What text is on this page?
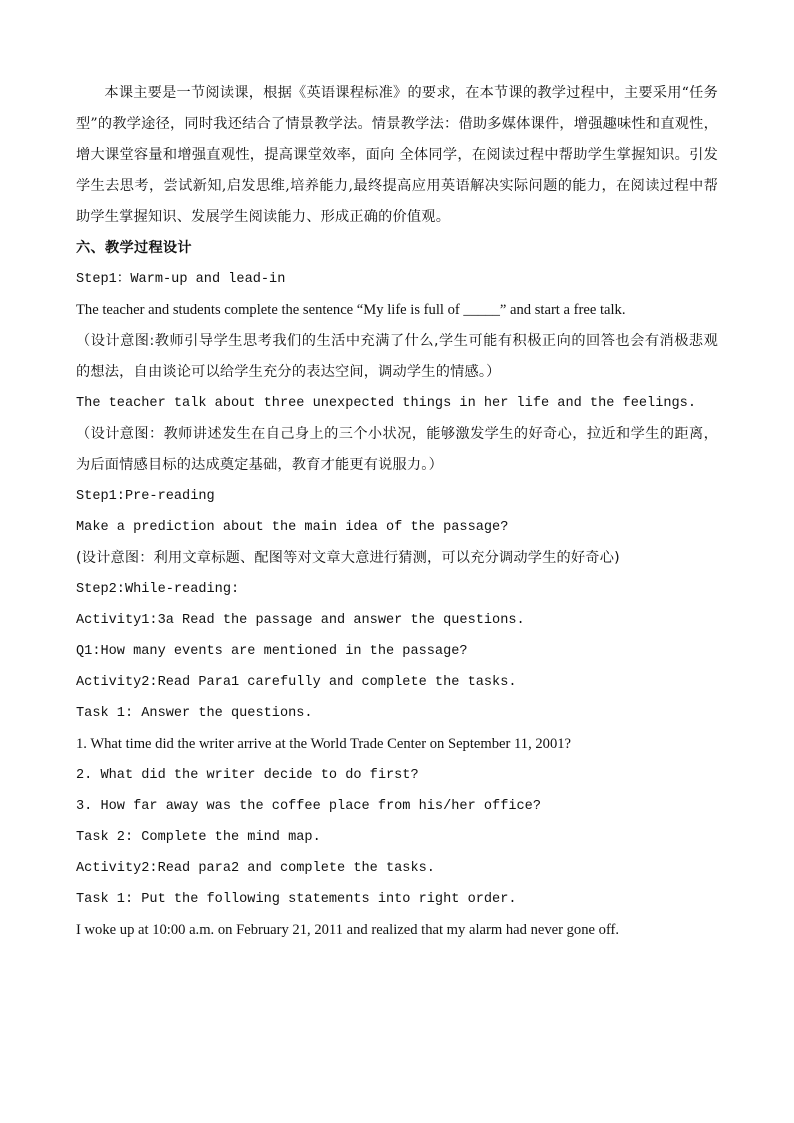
本课主要是一节阅读课，根据《英语课程标准》的要求，在本节课的教学过程中，主要采用“任务型”的教学途径，同时我还结合了情景教学法。情景教学法：借助多媒体课件，增强趣味性和直观性，增大课堂容量和增强直观性，提高课堂效率，面向 全体同学，在阅读过程中帮助学生掌握知识。引发学生去思考，尝试新知,启发思维,培养能力,最终提高应用英语解决实际问题的能力，在阅读过程中帮助学生掌握知识、发展学生阅读能力、形成正确的价值观。

六、教学过程设计

Step1：Warm-up and lead-in

The teacher and students complete the sentence “My life is full of _____” and start a free talk.

（设计意图:教师引导学生思考我们的生活中充满了什么,学生可能有积极正向的回答也会有消极悲观的想法，自由谈论可以给学生充分的表达空间，调动学生的情感。）

The teacher talk about three unexpected things in her life and the feelings.

（设计意图：教师讲述发生在自己身上的三个小状况，能够激发学生的好奇心，拉近和学生的距离，为后面情感目标的达成奠定基础，教育才能更有说服力。）

Step1:Pre-reading

Make a prediction about the main idea of the passage?

(设计意图：利用文章标题、配图等对文章大意进行猜测，可以充分调动学生的好奇心)

Step2:While-reading:

Activity1:3a Read the passage and answer the questions.

Q1:How many events are mentioned in the passage?

Activity2:Read Para1 carefully and complete the tasks.

Task 1: Answer the questions.

1. What time did the writer arrive at the World Trade Center on September 11, 2001?

2. What did the writer decide to do first?

3. How far away was the coffee place from his/her office?

Task 2: Complete the mind map.

Activity2:Read para2 and complete the tasks.

Task 1: Put the following statements into right order.

I woke up at 10:00 a.m. on February 21, 2011 and realized that my alarm had never gone off.
